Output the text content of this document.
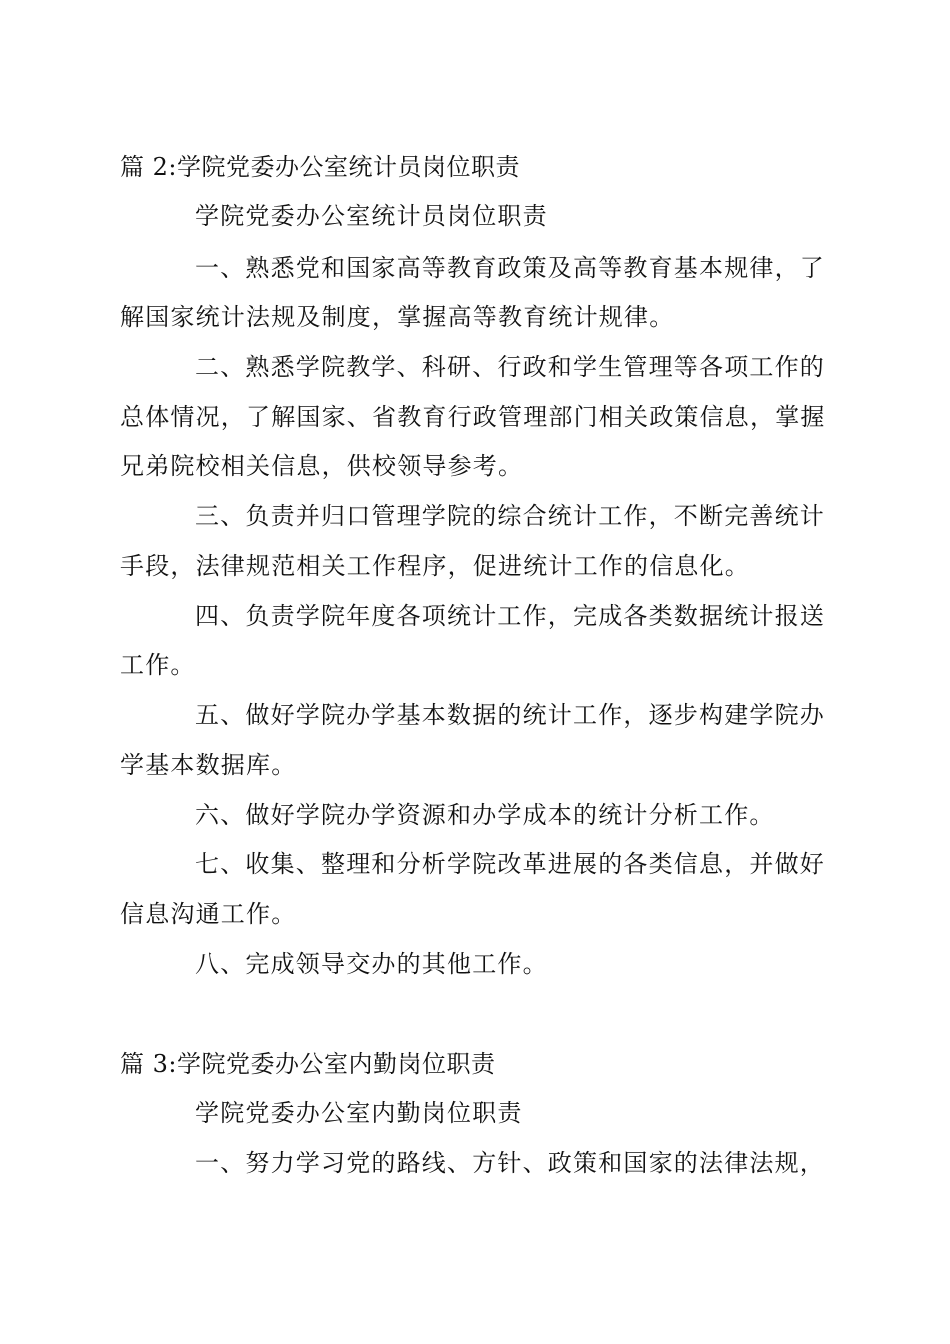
篇 2:学院党委办公室统计员岗位职责
学院党委办公室统计员岗位职责
一、熟悉党和国家高等教育政策及高等教育基本规律，了
解国家统计法规及制度，掌握高等教育统计规律。
二、熟悉学院教学、科研、行政和学生管理等各项工作的
总体情况，了解国家、省教育行政管理部门相关政策信息，掌握
兄弟院校相关信息，供校领导参考。
三、负责并归口管理学院的综合统计工作，不断完善统计
手段，法律规范相关工作程序，促进统计工作的信息化。
四、负责学院年度各项统计工作，完成各类数据统计报送
工作。
五、做好学院办学基本数据的统计工作，逐步构建学院办
学基本数据库。
六、做好学院办学资源和办学成本的统计分析工作。
七、收集、整理和分析学院改革进展的各类信息，并做好
信息沟通工作。
八、完成领导交办的其他工作。
篇 3:学院党委办公室内勤岗位职责
学院党委办公室内勤岗位职责
一、努力学习党的路线、方针、政策和国家的法律法规，
